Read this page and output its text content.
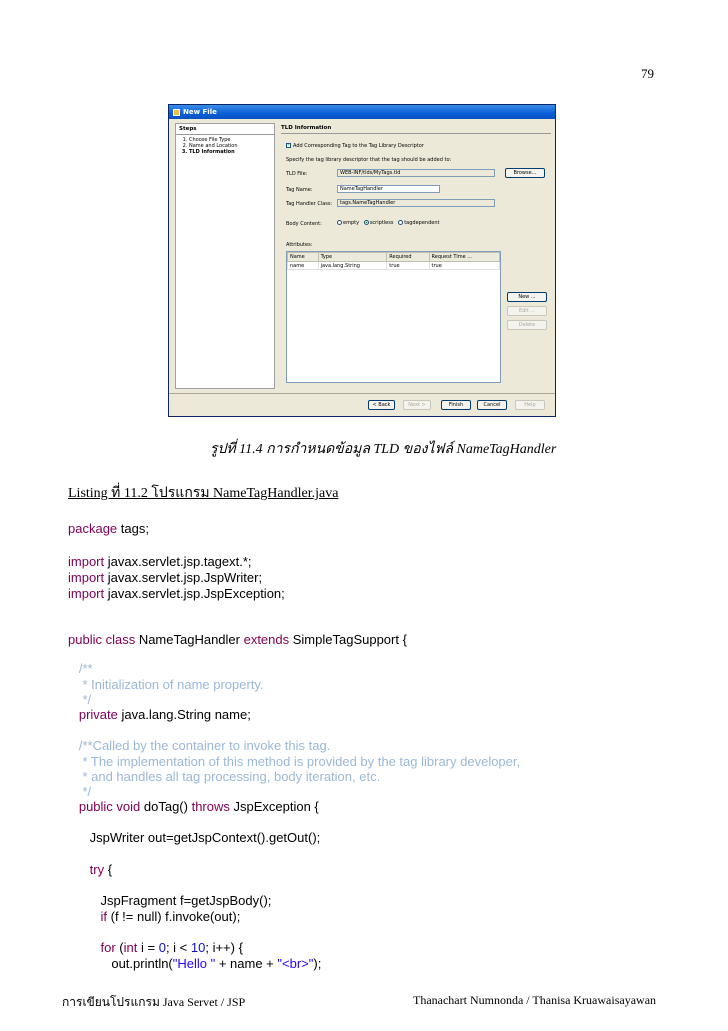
79
New File
Steps
1. Choose File Type
2. Name and Location
3. TLD Information
TLD Information
✓ Add Corresponding Tag to the Tag Library Descriptor
Specify the tag library descriptor that the tag should be added to:
TLD File:	WEB-INF/tlds/MyTags.tld	Browse...
Tag Name:	NameTagHandler
Tag Handler Class:	tags.NameTagHandler
Body Content:	empty scriptless tagdependent
Attributes:
Name	Type	Required	Request Time ...
name	java.lang.String	true	true
New ...
Edit ...
Delete
< Back	Next >	Finish	Cancel	Help
รูปที่ 11.4 การกำหนดข้อมูล TLD ของไฟล์ NameTagHandler
Listing ที่ 11.2 โปรแกรม NameTagHandler.java
package tags;
import javax.servlet.jsp.tagext.*;
import javax.servlet.jsp.JspWriter;
import javax.servlet.jsp.JspException;
public class NameTagHandler extends SimpleTagSupport {
/**
* Initialization of name property.
*/
private java.lang.String name;
/**Called by the container to invoke this tag.
* The implementation of this method is provided by the tag library developer,
* and handles all tag processing, body iteration, etc.
*/
public void doTag() throws JspException {
JspWriter out=getJspContext().getOut();
try {
JspFragment f=getJspBody();
if (f != null) f.invoke(out);
for (int i = 0; i < 10; i++) {
out.println("Hello " + name + "<br>");
การเขียนโปรแกรม Java Servet / JSP	Thanachart Numnonda / Thanisa Kruawaisayawan
